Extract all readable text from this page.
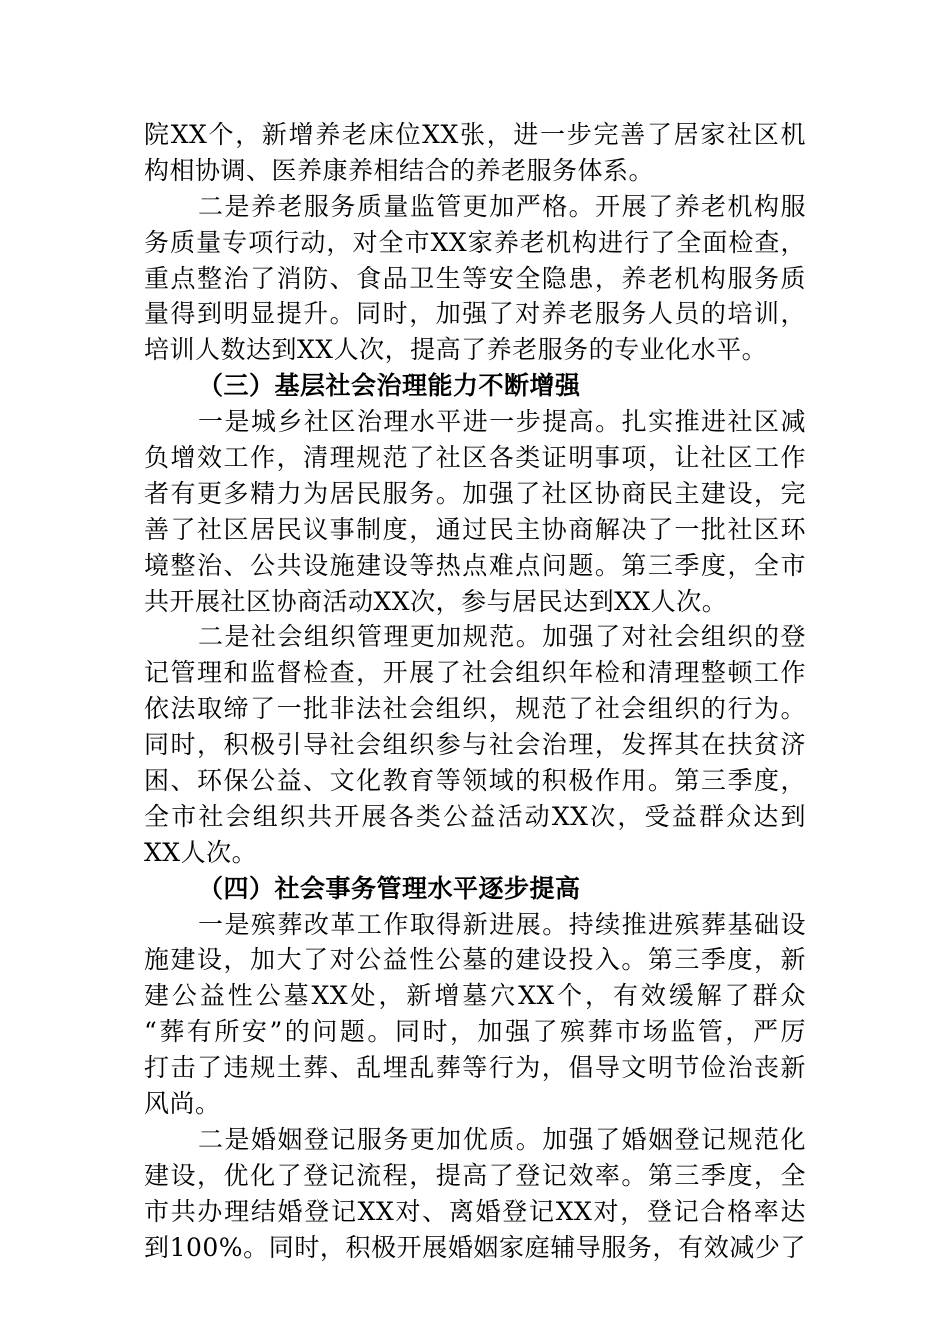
院XX个，新增养老床位XX张，进一步完善了居家社区机
构相协调、医养康养相结合的养老服务体系。
二是养老服务质量监管更加严格。开展了养老机构服
务质量专项行动，对全市XX家养老机构进行了全面检查，
重点整治了消防、食品卫生等安全隐患，养老机构服务质
量得到明显提升。同时，加强了对养老服务人员的培训，
培训人数达到XX人次，提高了养老服务的专业化水平。
（三）基层社会治理能力不断增强
一是城乡社区治理水平进一步提高。扎实推进社区减
负增效工作，清理规范了社区各类证明事项，让社区工作
者有更多精力为居民服务。加强了社区协商民主建设，完
善了社区居民议事制度，通过民主协商解决了一批社区环
境整治、公共设施建设等热点难点问题。第三季度，全市
共开展社区协商活动XX次，参与居民达到XX人次。
二是社会组织管理更加规范。加强了对社会组织的登
记管理和监督检查，开展了社会组织年检和清理整顿工作
依法取缔了一批非法社会组织，规范了社会组织的行为。
同时，积极引导社会组织参与社会治理，发挥其在扶贫济
困、环保公益、文化教育等领域的积极作用。第三季度，
全市社会组织共开展各类公益活动XX次，受益群众达到
XX人次。
（四）社会事务管理水平逐步提高
一是殡葬改革工作取得新进展。持续推进殡葬基础设
施建设，加大了对公益性公墓的建设投入。第三季度，新
建公益性公墓XX处，新增墓穴XX个，有效缓解了群众
“葬有所安”的问题。同时，加强了殡葬市场监管，严厉
打击了违规土葬、乱埋乱葬等行为，倡导文明节俭治丧新
风尚。
二是婚姻登记服务更加优质。加强了婚姻登记规范化
建设，优化了登记流程，提高了登记效率。第三季度，全
市共办理结婚登记XX对、离婚登记XX对，登记合格率达
到100%。同时，积极开展婚姻家庭辅导服务，有效减少了
